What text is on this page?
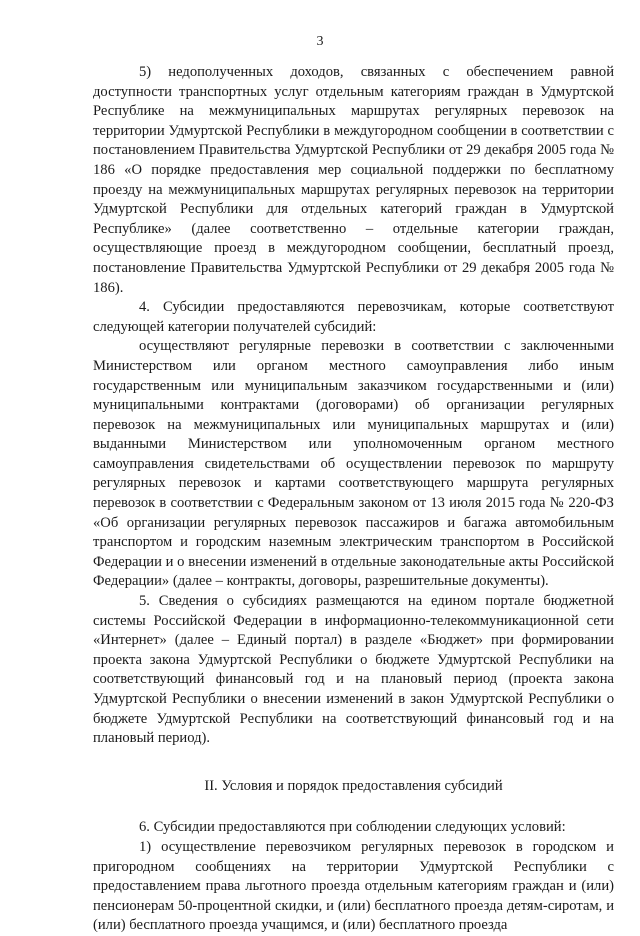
3

5) недополученных доходов, связанных с обеспечением равной доступности транспортных услуг отдельным категориям граждан в Удмуртской Республике на межмуниципальных маршрутах регулярных перевозок на территории Удмуртской Республики в междугородном сообщении в соответствии с постановлением Правительства Удмуртской Республики от 29 декабря 2005 года № 186 «О порядке предоставления мер социальной поддержки по бесплатному проезду на межмуниципальных маршрутах регулярных перевозок на территории Удмуртской Республики для отдельных категорий граждан в Удмуртской Республике» (далее соответственно – отдельные категории граждан, осуществляющие проезд в междугородном сообщении, бесплатный проезд, постановление Правительства Удмуртской Республики от 29 декабря 2005 года № 186).

4. Субсидии предоставляются перевозчикам, которые соответствуют следующей категории получателей субсидий:

осуществляют регулярные перевозки в соответствии с заключенными Министерством или органом местного самоуправления либо иным государственным или муниципальным заказчиком государственными и (или) муниципальными контрактами (договорами) об организации регулярных перевозок на межмуниципальных или муниципальных маршрутах и (или) выданными Министерством или уполномоченным органом местного самоуправления свидетельствами об осуществлении перевозок по маршруту регулярных перевозок и картами соответствующего маршрута регулярных перевозок в соответствии с Федеральным законом от 13 июля 2015 года № 220-ФЗ «Об организации регулярных перевозок пассажиров и багажа автомобильным транспортом и городским наземным электрическим транспортом в Российской Федерации и о внесении изменений в отдельные законодательные акты Российской Федерации» (далее – контракты, договоры, разрешительные документы).

5. Сведения о субсидиях размещаются на едином портале бюджетной системы Российской Федерации в информационно-телекоммуникационной сети «Интернет» (далее – Единый портал) в разделе «Бюджет» при формировании проекта закона Удмуртской Республики о бюджете Удмуртской Республики на соответствующий финансовый год и на плановый период (проекта закона Удмуртской Республики о внесении изменений в закон Удмуртской Республики о бюджете Удмуртской Республики на соответствующий финансовый год и на плановый период).

II. Условия и порядок предоставления субсидий

6. Субсидии предоставляются при соблюдении следующих условий:

1) осуществление перевозчиком регулярных перевозок в городском и пригородном сообщениях на территории Удмуртской Республики с предоставлением права льготного проезда отдельным категориям граждан и (или) пенсионерам 50-процентной скидки, и (или) бесплатного проезда детям-сиротам, и (или) бесплатного проезда учащимся, и (или) бесплатного проезда
